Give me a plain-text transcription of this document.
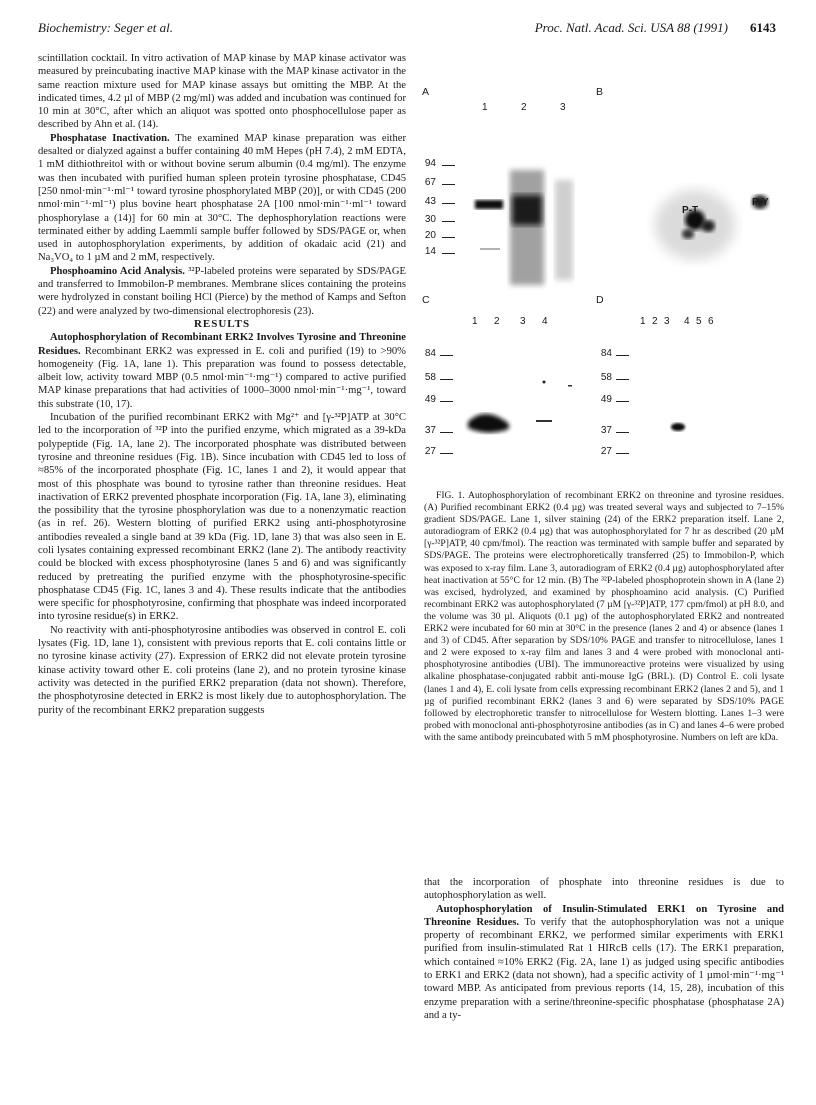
Biochemistry: Seger et al.	Proc. Natl. Acad. Sci. USA 88 (1991) 6143

scintillation cocktail. In vitro activation of MAP kinase by MAP kinase activator was measured by preincubating inactive MAP kinase with the MAP kinase activator in the same reaction mixture used for MAP kinase assays but omitting the MBP. At the indicated times, 4.2 µl of MBP (2 mg/ml) was added and incubation was continued for 10 min at 30°C, after which an aliquot was spotted onto phosphocellulose paper as described by Ahn et al. (14).

Phosphatase Inactivation. The examined MAP kinase preparation was either desalted or dialyzed against a buffer containing 40 mM Hepes (pH 7.4), 2 mM EDTA, 1 mM dithiothreitol with or without bovine serum albumin (0.4 mg/ml). The enzyme was then incubated with purified human spleen protein tyrosine phosphatase, CD45 [250 nmol·min⁻¹·ml⁻¹ toward tyrosine phosphorylated MBP (20)], or with CD45 (200 nmol·min⁻¹·ml⁻¹) plus bovine heart phosphatase 2A [100 nmol·min⁻¹·ml⁻¹ toward phosphorylase a (14)] for 60 min at 30°C. The dephosphorylation reactions were terminated either by adding Laemmli sample buffer followed by SDS/PAGE or, when used in autophosphorylation experiments, by addition of okadaic acid (21) and Na₃VO₄ to 1 µM and 2 mM, respectively.

Phosphoamino Acid Analysis. ³²P-labeled proteins were separated by SDS/PAGE and transferred to Immobilon-P membranes. Membrane slices containing the proteins were hydrolyzed in constant boiling HCl (Pierce) by the method of Kamps and Sefton (22) and were analyzed by two-dimensional electrophoresis (23).

RESULTS

Autophosphorylation of Recombinant ERK2 Involves Tyrosine and Threonine Residues. Recombinant ERK2 was expressed in E. coli and purified (19) to >90% homogeneity (Fig. 1A, lane 1). This preparation was found to possess detectable, albeit low, activity toward MBP (0.5 nmol·min⁻¹·mg⁻¹) compared to active purified MAP kinase preparations that had activities of 1000–3000 nmol·min⁻¹·mg⁻¹, toward this substrate (10, 17).

Incubation of the purified recombinant ERK2 with Mg²⁺ and [γ-³²P]ATP at 30°C led to the incorporation of ³²P into the purified enzyme, which migrated as a 39-kDa polypeptide (Fig. 1A, lane 2). The incorporated phosphate was distributed between tyrosine and threonine residues (Fig. 1B). Since incubation with CD45 led to loss of ≈85% of the incorporated phosphate (Fig. 1C, lanes 1 and 2), it would appear that most of this phosphate was bound to tyrosine rather than threonine residues. Heat inactivation of ERK2 prevented phosphate incorporation (Fig. 1A, lane 3), eliminating the possibility that the tyrosine phosphorylation was due to a nonenzymatic reaction (as in ref. 26). Western blotting of purified ERK2 using anti-phosphotyrosine antibodies revealed a single band at 39 kDa (Fig. 1D, lane 3) that was also seen in E. coli lysates containing expressed recombinant ERK2 (lane 2). The antibody reactivity could be blocked with excess phosphotyrosine (lanes 5 and 6) and was significantly reduced by pretreating the purified enzyme with the phosphotyrosine-specific phosphatase CD45 (Fig. 1C, lanes 3 and 4). These results indicate that the antibodies were specific for phosphotyrosine, confirming that phosphate was indeed incorporated into tyrosine residue(s) in ERK2.

No reactivity with anti-phosphotyrosine antibodies was observed in control E. coli lysates (Fig. 1D, lane 1), consistent with previous reports that E. coli contains little or no tyrosine kinase activity (27). Expression of ERK2 did not elevate protein tyrosine kinase activity toward other E. coli proteins (lane 2), and no protein tyrosine kinase activity was detected in the purified ERK2 preparation (data not shown). Therefore, the phosphotyrosine detected in ERK2 is most likely due to autophosphorylation. The purity of the recombinant ERK2 preparation suggests

A	B
C	D
1	2	3
94
67
43
30
20
14
P-T
P-Y
1 2 3 4	1 2 3 4 5 6
84
58
49
37
27
84
58
49
37
27

FIG. 1. Autophosphorylation of recombinant ERK2 on threonine and tyrosine residues. (A) Purified recombinant ERK2 (0.4 µg) was treated several ways and subjected to 7–15% gradient SDS/PAGE. Lane 1, silver staining (24) of the ERK2 preparation itself. Lane 2, autoradiogram of ERK2 (0.4 µg) that was autophosphorylated for 7 hr as described (20 µM [γ-³²P]ATP, 40 cpm/fmol). The reaction was terminated with sample buffer and separated by SDS/PAGE. The proteins were electrophoretically transferred (25) to Immobilon-P, which was exposed to x-ray film. Lane 3, autoradiogram of ERK2 (0.4 µg) autophosphorylated after heat inactivation at 55°C for 12 min. (B) The ³²P-labeled phosphoprotein shown in A (lane 2) was excised, hydrolyzed, and examined by phosphoamino acid analysis. (C) Purified recombinant ERK2 was autophosphorylated (7 µM [γ-³²P]ATP, 177 cpm/fmol) at pH 8.0, and the volume was 30 µl. Aliquots (0.1 µg) of the autophosphorylated ERK2 and nontreated ERK2 were incubated for 60 min at 30°C in the presence (lanes 2 and 4) or absence (lanes 1 and 3) of CD45. After separation by SDS/10% PAGE and transfer to nitrocellulose, lanes 1 and 2 were exposed to x-ray film and lanes 3 and 4 were probed with monoclonal anti-phosphotyrosine antibodies (UBI). The immunoreactive proteins were visualized by using alkaline phosphatase-conjugated rabbit anti-mouse IgG (BRL). (D) Control E. coli lysate (lanes 1 and 4), E. coli lysate from cells expressing recombinant ERK2 (lanes 2 and 5), and 1 µg of purified recombinant ERK2 (lanes 3 and 6) were separated by SDS/10% PAGE followed by electrophoretic transfer to nitrocellulose for Western blotting. Lanes 1–3 were probed with monoclonal anti-phosphotyrosine antibodies (as in C) and lanes 4–6 were probed with the same antibody preincubated with 5 mM phosphotyrosine. Numbers on left are kDa.

that the incorporation of phosphate into threonine residues is due to autophosphorylation as well.

Autophosphorylation of Insulin-Stimulated ERK1 on Tyrosine and Threonine Residues. To verify that the autophosphorylation was not a unique property of recombinant ERK2, we performed similar experiments with ERK1 purified from insulin-stimulated Rat 1 HIRcB cells (17). The ERK1 preparation, which contained ≈10% ERK2 (Fig. 2A, lane 1) as judged using specific antibodies to ERK1 and ERK2 (data not shown), had a specific activity of 1 µmol·min⁻¹·mg⁻¹ toward MBP. As anticipated from previous reports (14, 15, 28), incubation of this enzyme preparation with a serine/threonine-specific phosphatase (phosphatase 2A) and a ty-
